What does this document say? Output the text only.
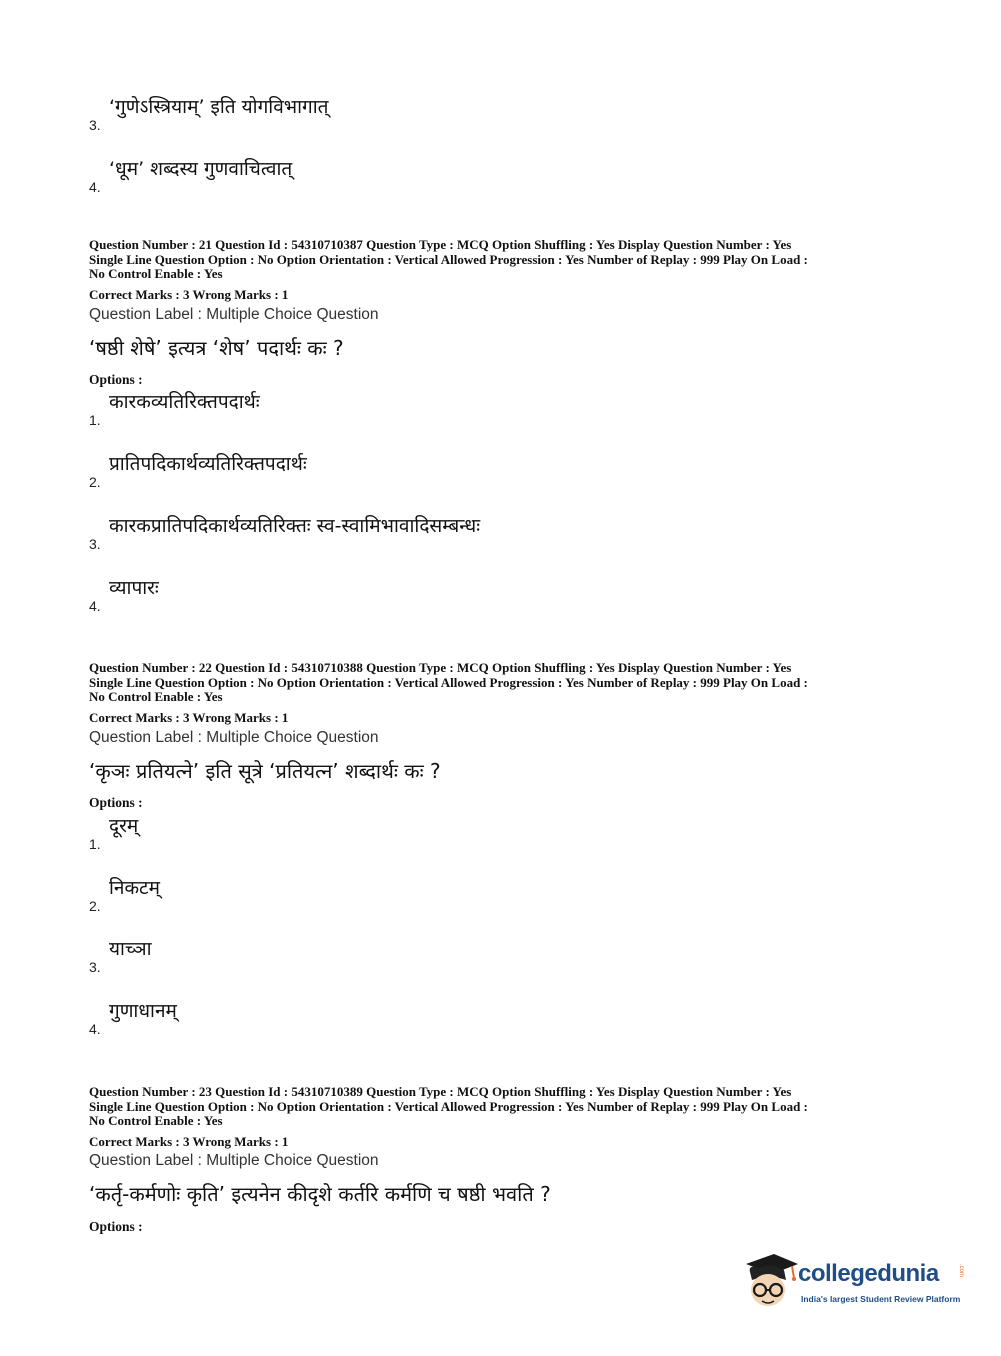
3.
‘गुणेऽस्त्रियाम्’ इति योगविभागात्
4.
‘धूम’ शब्दस्य गुणवाचित्वात्
Question Number : 21 Question Id : 54310710387 Question Type : MCQ Option Shuffling : Yes Display Question Number : Yes
Single Line Question Option : No Option Orientation : Vertical Allowed Progression : Yes Number of Replay : 999 Play On Load :
No Control Enable : Yes
Correct Marks : 3 Wrong Marks : 1
Question Label : Multiple Choice Question
‘षष्ठी शेषे’ इत्यत्र ‘शेष’ पदार्थः कः ?
Options :
1.
कारकव्यतिरिक्तपदार्थः
2.
प्रातिपदिकार्थव्यतिरिक्तपदार्थः
3.
कारकप्रातिपदिकार्थव्यतिरिक्तः स्व-स्वामिभावादिसम्बन्धः
4.
व्यापारः
Question Number : 22 Question Id : 54310710388 Question Type : MCQ Option Shuffling : Yes Display Question Number : Yes
Single Line Question Option : No Option Orientation : Vertical Allowed Progression : Yes Number of Replay : 999 Play On Load :
No Control Enable : Yes
Correct Marks : 3 Wrong Marks : 1
Question Label : Multiple Choice Question
‘कृञः प्रतियत्ने’ इति सूत्रे ‘प्रतियत्न’ शब्दार्थः कः ?
Options :
1.
दूरम्
2.
निकटम्
3.
याच्ञा
4.
गुणाधानम्
Question Number : 23 Question Id : 54310710389 Question Type : MCQ Option Shuffling : Yes Display Question Number : Yes
Single Line Question Option : No Option Orientation : Vertical Allowed Progression : Yes Number of Replay : 999 Play On Load :
No Control Enable : Yes
Correct Marks : 3 Wrong Marks : 1
Question Label : Multiple Choice Question
‘कर्तृ-कर्मणोः कृति’ इत्यनेन कीदृशे कर्तरि कर्मणि च षष्ठी भवति ?
Options :
collegedunia	.com
India's largest Student Review Platform
